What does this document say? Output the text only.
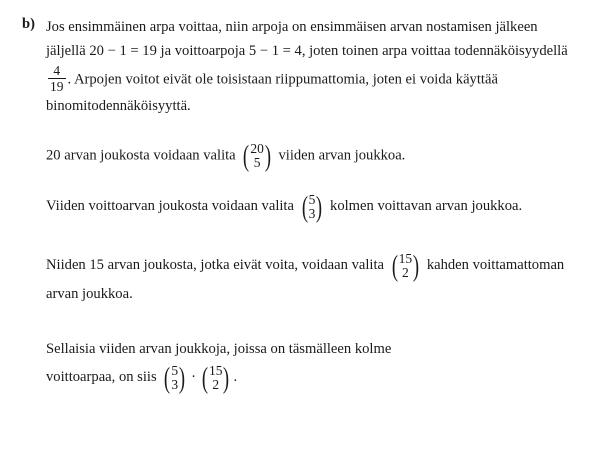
b) Jos ensimmäinen arpa voittaa, niin arpoja on ensimmäisen arvan nostamisen jälkeen jäljellä 20 − 1 = 19 ja voittoarpoja 5 − 1 = 4, joten toinen arpa voittaa todennäköisyydellä
$\frac{4}{19}$ . Arpojen voitot eivät ole toisistaan riippumattomia, joten ei voida käyttää binomitodennäköisyyttä.
20 arvan joukosta voidaan valita ( 20
5
) viiden arvan joukkoa.
Viiden voittoarvan joukosta voidaan valita ( 5
3
) kolmen voittavan arvan joukkoa.
Niiden 15 arvan joukosta, jotka eivät voita, voidaan valita ( 15
2
) kahden voittamattoman arvan joukkoa.
Sellaisia viiden arvan joukkoja, joissa on täsmälleen kolme
voittoarpaa, on siis ( 5
3
) · ( 15
2
) .
